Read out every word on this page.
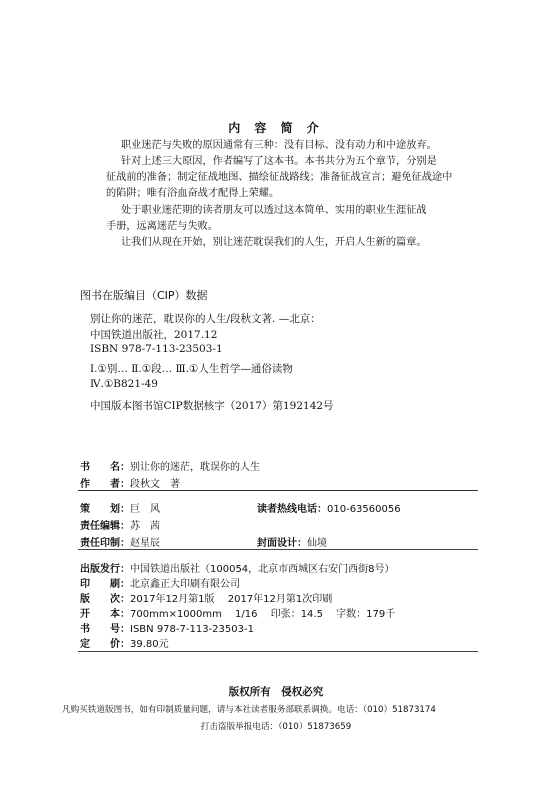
内 容 简 介

职业迷茫与失败的原因通常有三种：没有目标、没有动力和中途放弃。

针对上述三大原因，作者编写了这本书。本书共分为五个章节，分别是

征战前的准备；制定征战地图、描绘征战路线；准备征战宣言；避免征战途中

的陷阱；唯有浴血奋战才配得上荣耀。

处于职业迷茫期的读者朋友可以透过这本简单、实用的职业生涯征战

手册，远离迷茫与失败。

让我们从现在开始，别让迷茫耽误我们的人生，开启人生新的篇章。

图书在版编目（CIP）数据
别让你的迷茫，耽误你的人生/段秋文著. —北京：
中国铁道出版社，2017.12
ISBN 978-7-113-23503-1
Ⅰ.①别… Ⅱ.①段… Ⅲ.①人生哲学—通俗读物
Ⅳ.①B821-49
中国版本图书馆CIP数据核字（2017）第192142号
书　　名：别让你的迷茫，耽误你的人生
作　　者：段秋文　著
策　　划：巨　风	读者热线电话：010-63560056
责任编辑：苏　茜
责任印制：赵星辰	封面设计：仙境
出版发行：中国铁道出版社（100054，北京市西城区右安门西街8号）
印　　刷：北京鑫正大印刷有限公司
版　　次：2017年12月第1版　 2017年12月第1次印刷
开　　本：700mm×1000mm　 1/16　 印张：14.5　 字数：179千
书　　号：ISBN 978-7-113-23503-1
定　　价：39.80元
版权所有　侵权必究
凡购买铁道版图书，如有印制质量问题，请与本社读者服务部联系调换。电话：（010）51873174
打击盗版举报电话：（010）51873659
